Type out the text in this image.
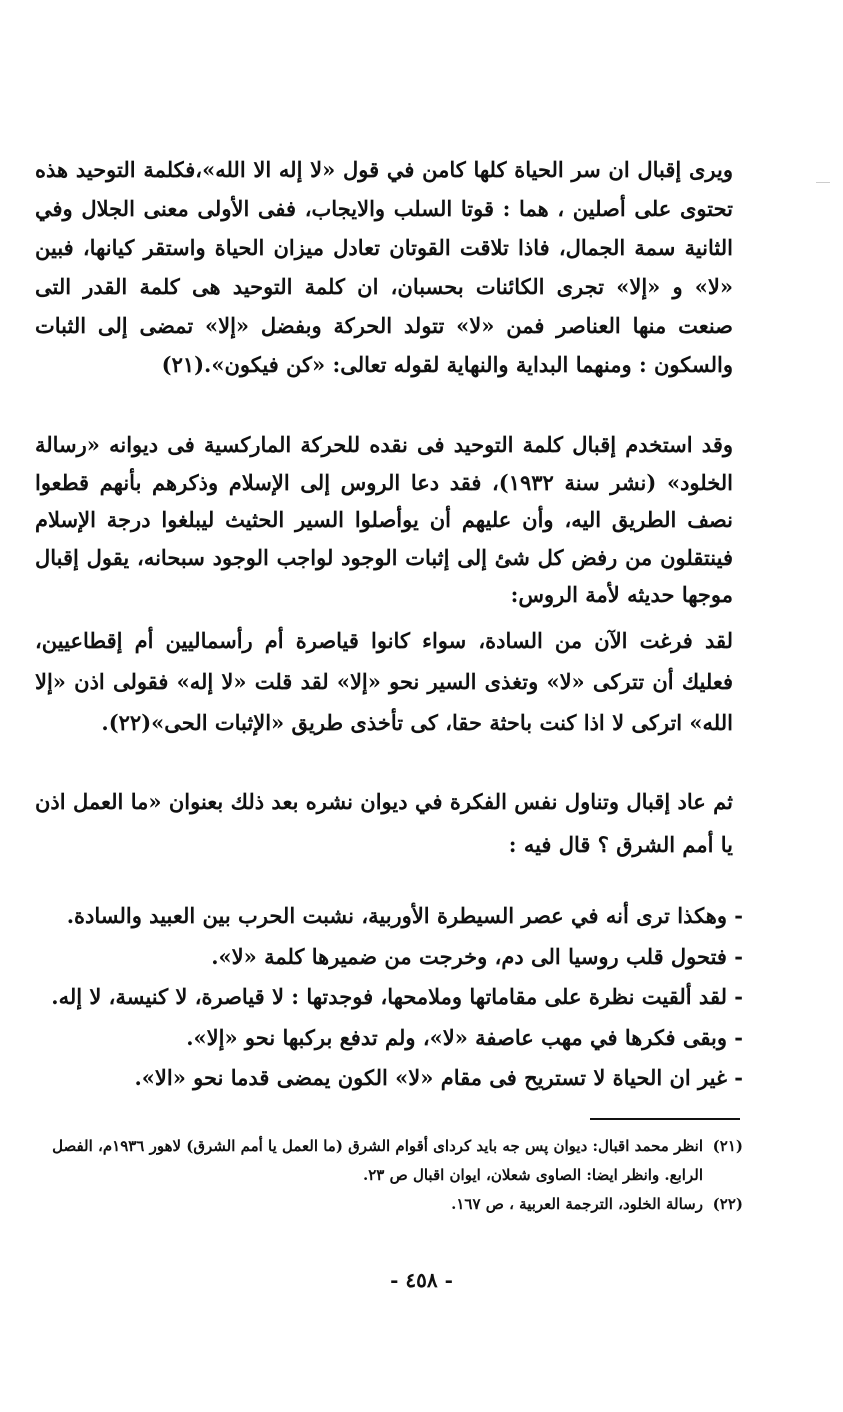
ويرى إقبال ان سر الحياة كلها كامن في قول «لا إله الا الله»،فكلمة التوحيد هذه تحتوى على أصلين ، هما : قوتا السلب والايجاب، ففى الأولى معنى الجلال وفي الثانية سمة الجمال، فاذا تلاقت القوتان تعادل ميزان الحياة واستقر كيانها، فبين «لا» و «إلا» تجرى الكائنات بحسبان، ان كلمة التوحيد هى كلمة القدر التى صنعت منها العناصر فمن «لا» تتولد الحركة وبفضل «إلا» تمضى إلى الثبات والسكون : ومنهما البداية والنهاية لقوله تعالى: «كن فيكون».(٢١)

وقد استخدم إقبال كلمة التوحيد فى نقده للحركة الماركسية فى ديوانه «رسالة الخلود» (نشر سنة ١٩٣٢)، فقد دعا الروس إلى الإسلام وذكرهم بأنهم قطعوا نصف الطريق اليه، وأن عليهم أن يوأصلوا السير الحثيث ليبلغوا درجة الإسلام فينتقلون من رفض كل شئ إلى إثبات الوجود لواجب الوجود سبحانه، يقول إقبال موجها حديثه لأمة الروس:

لقد فرغت الآن من السادة، سواء كانوا قياصرة أم رأسماليين أم إقطاعيين، فعليك أن تتركى «لا» وتغذى السير نحو «إلا» لقد قلت «لا إله» فقولى اذن «إلا الله» اتركى لا اذا كنت باحثة حقا، كى تأخذى طريق «الإثبات الحى»(٢٢).

ثم عاد إقبال وتناول نفس الفكرة في ديوان نشره بعد ذلك بعنوان «ما العمل اذن يا أمم الشرق ؟ قال فيه :

- وهكذا ترى أنه في عصر السيطرة الأوربية، نشبت الحرب بين العبيد والسادة.
- فتحول قلب روسيا الى دم، وخرجت من ضميرها كلمة «لا».
- لقد ألقيت نظرة على مقاماتها وملامحها، فوجدتها : لا قياصرة، لا كنيسة، لا إله.
- وبقى فكرها في مهب عاصفة «لا»، ولم تدفع بركبها نحو «إلا».
- غير ان الحياة لا تستريح فى مقام «لا» الكون يمضى قدما نحو «الا».
(٢١)
انظر محمد اقبال: ديوان پس جه بايد كرداى أقوام الشرق (ما العمل يا أمم الشرق) لاهور ١٩٣٦م، الفصل الرابع. وانظر ايضا: الصاوى شعلان، ايوان اقبال ص ٢٣.
(٢٢)
رسالة الخلود، الترجمة العربية ، ص ١٦٧.
- ٤٥٨ -
